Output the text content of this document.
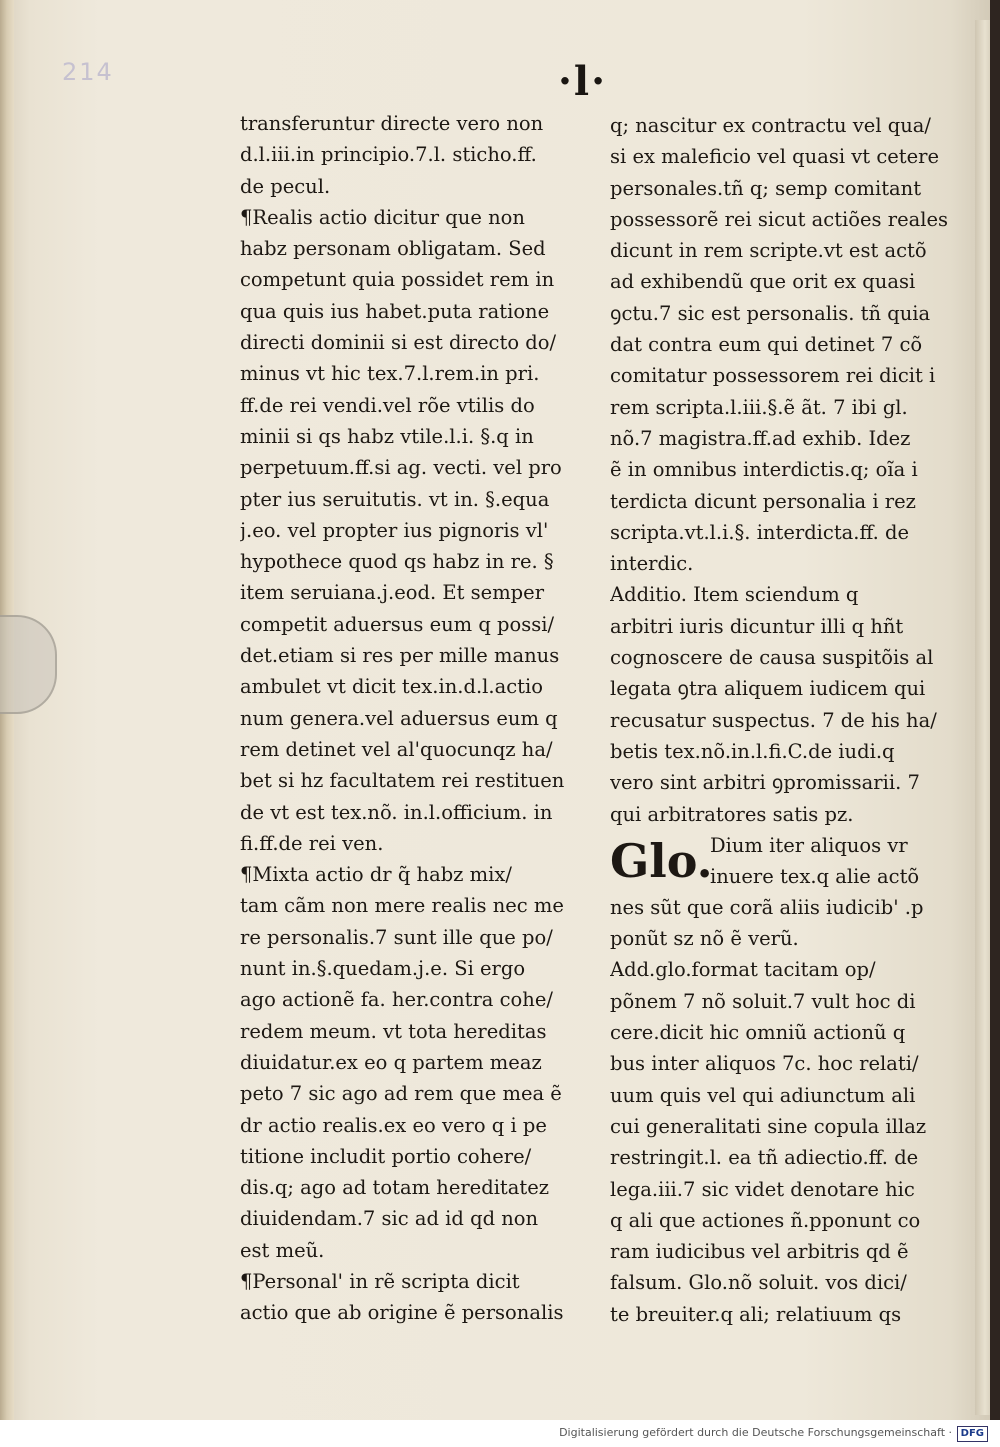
214	·l·
transferuntur directe vero non
d.l.iii.in principio.7.l. sticho.ff.
de pecul.
¶Realis actio dicitur que non
habz personam obligatam. Sed
competunt quia possidet rem in
qua quis ius habet.puta ratione
directi dominii si est directo do/
minus vt hic tex.7.l.rem.in pri.
ff.de rei vendi.vel rõe vtilis do
minii si qs habz vtile.l.i. §.q in
perpetuum.ff.si ag. vecti. vel pro
pter ius seruitutis. vt in. §.equa
j.eo. vel propter ius pignoris vl'
hypothece quod qs habz in re. §
item seruiana.j.eod. Et semper
competit aduersus eum q possi/
det.etiam si res per mille manus
ambulet vt dicit tex.in.d.l.actio
num genera.vel aduersus eum q
rem detinet vel al'quocunqz ha/
bet si hz facultatem rei restituen
de vt est tex.nõ. in.l.officium. in
fi.ff.de rei ven.
¶Mixta actio dr q̃ habz mix/
tam cãm non mere realis nec me
re personalis.7 sunt ille que po/
nunt in.§.quedam.j.e. Si ergo
ago actionẽ fa. her.contra cohe/
redem meum. vt tota hereditas
diuidatur.ex eo q partem meaz
peto 7 sic ago ad rem que mea ẽ
dr actio realis.ex eo vero q i pe
titione includit portio cohere/
dis.q; ago ad totam hereditatez
diuidendam.7 sic ad id qd non
est meũ.
¶Personal' in rẽ scripta dicit
actio que ab origine ẽ personalis
q; nascitur ex contractu vel qua/
si ex maleficio vel quasi vt cetere
personales.tñ q; semp comitant
possessorẽ rei sicut actiões reales
dicunt in rem scripte.vt est actõ
ad exhibendũ que orit ex quasi
ꝯctu.7 sic est personalis. tñ quia
dat contra eum qui detinet 7 cõ
comitatur possessorem rei dicit i
rem scripta.l.iii.§.ẽ ãt. 7 ibi gl.
nõ.7 magistra.ff.ad exhib. Idez
ẽ in omnibus interdictis.q; oĩa i
terdicta dicunt personalia i rez
scripta.vt.l.i.§. interdicta.ff. de
interdic.
Additio. Item sciendum q
arbitri iuris dicuntur illi q hñt
cognoscere de causa suspitõis al
legata ꝯtra aliquem iudicem qui
recusatur suspectus. 7 de his ha/
betis tex.nõ.in.l.fi.C.de iudi.q
vero sint arbitri ꝯpromissarii. 7
qui arbitratores satis pz.
Glo.
Dium iter aliquos vr
inuere tex.q alie actõ
nes sũt que corã aliis iudicib' .p
ponũt sz nõ ẽ verũ.
Add.glo.format tacitam op/
põnem 7 nõ soluit.7 vult hoc di
cere.dicit hic omniũ actionũ q
bus inter aliquos 7c. hoc relati/
uum quis vel qui adiunctum ali
cui generalitati sine copula illaz
restringit.l. ea tñ adiectio.ff. de
lega.iii.7 sic videt denotare hic
q ali que actiones ñ.pponunt co
ram iudicibus vel arbitris qd ẽ
falsum. Glo.nõ soluit. vos dici/
te breuiter.q ali; relatiuum qs
Digitalisierung gefördert durch die Deutsche Forschungsgemeinschaft · DFG
